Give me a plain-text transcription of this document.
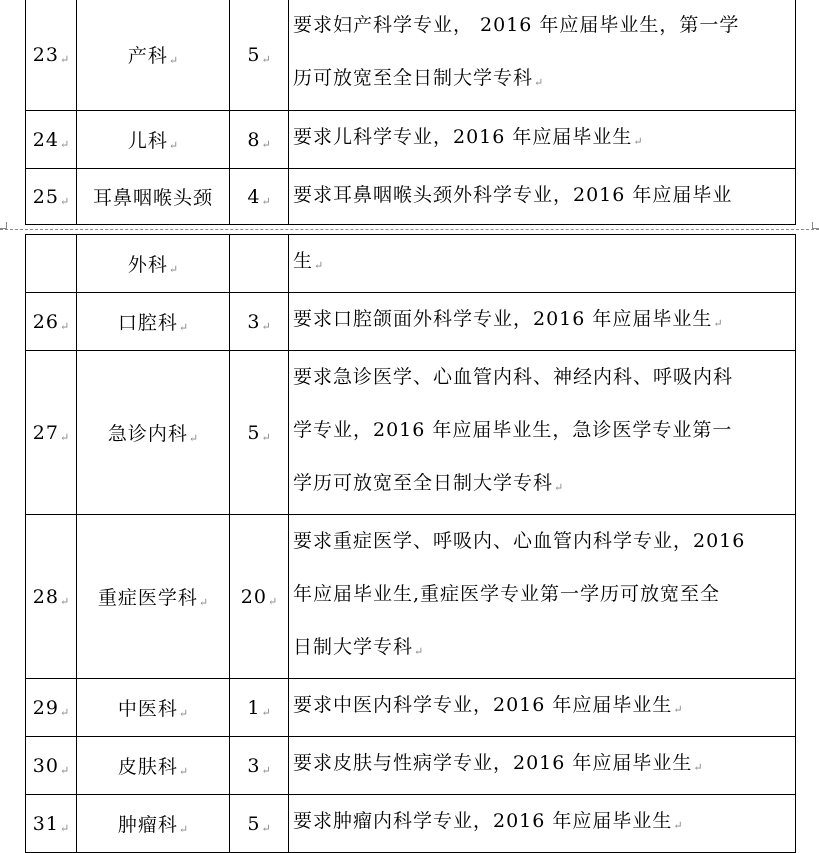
23↵	产科↵	5↵	要求妇产科学专业， 2016 年应届毕业生，第一学
历可放宽至全日制大学专科↵

24↵	儿科↵	8↵	要求儿科学专业，2016 年应届毕业生↵

25↵	耳鼻咽喉头颈	4↵	要求耳鼻咽喉头颈外科学专业，2016 年应届毕业
	外科↵		生↵

26↵	口腔科↵	3↵	要求口腔颌面外科学专业，2016 年应届毕业生↵

27↵	急诊内科↵	5↵	要求急诊医学、心血管内科、神经内科、呼吸内科
学专业，2016 年应届毕业生，急诊医学专业第一
学历可放宽至全日制大学专科↵

28↵	重症医学科↵	20↵	要求重症医学、呼吸内、心血管内科学专业，2016
年应届毕业生,重症医学专业第一学历可放宽至全
日制大学专科↵

29↵	中医科↵	1↵	要求中医内科学专业，2016 年应届毕业生↵

30↵	皮肤科↵	3↵	要求皮肤与性病学专业，2016 年应届毕业生↵

31↵	肿瘤科↵	5↵	要求肿瘤内科学专业，2016 年应届毕业生↵
